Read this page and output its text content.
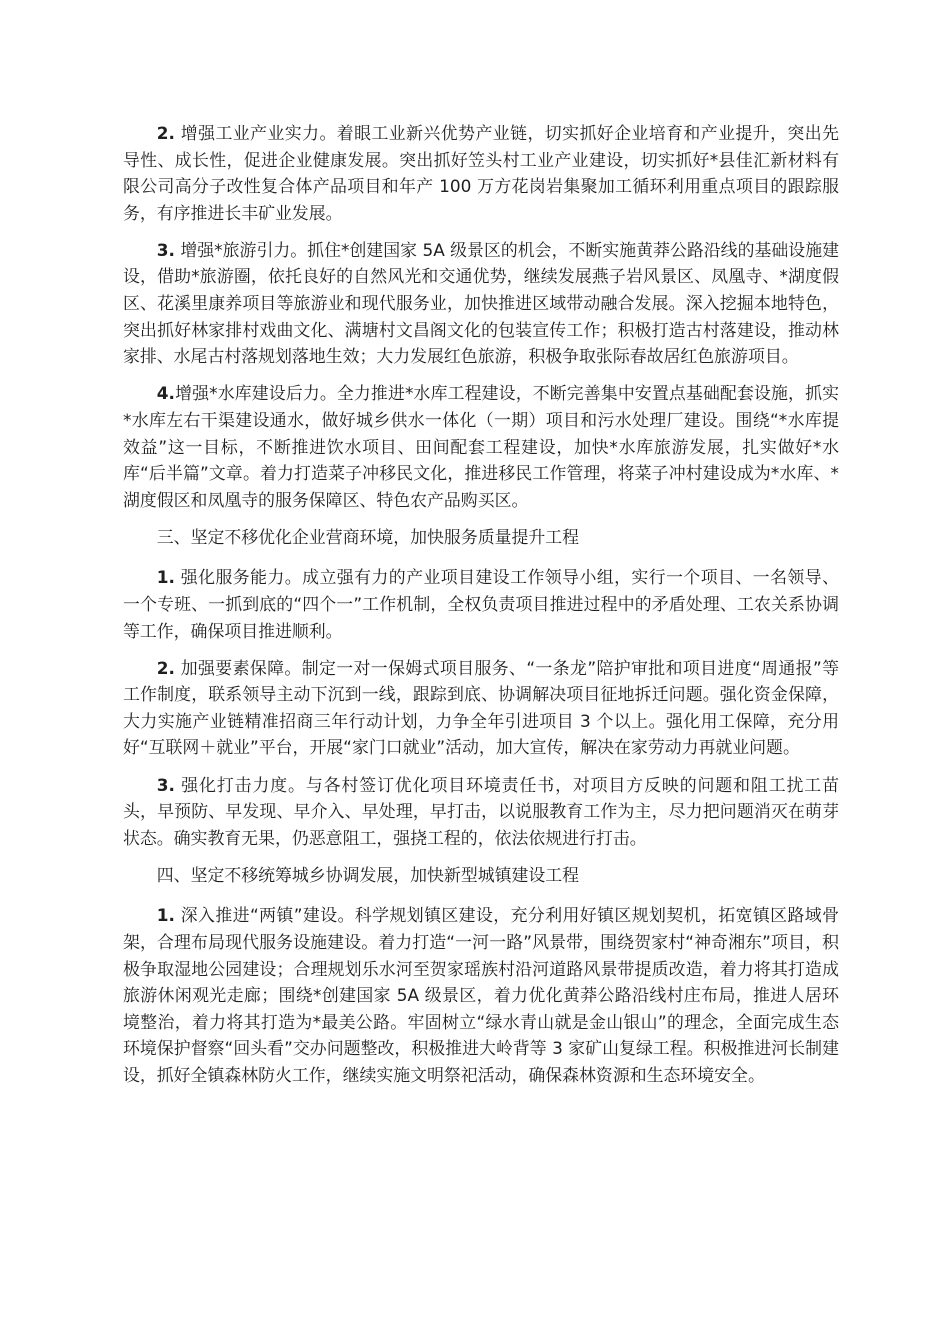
2. 增强工业产业实力。着眼工业新兴优势产业链，切实抓好企业培育和产业提升，突出先导性、成长性，促进企业健康发展。突出抓好笠头村工业产业建设，切实抓好*县佳汇新材料有限公司高分子改性复合体产品项目和年产 100 万方花岗岩集聚加工循环利用重点项目的跟踪服务，有序推进长丰矿业发展。

3. 增强*旅游引力。抓住*创建国家 5A 级景区的机会，不断实施黄莽公路沿线的基础设施建设，借助*旅游圈，依托良好的自然风光和交通优势，继续发展燕子岩风景区、凤凰寺、*湖度假区、花溪里康养项目等旅游业和现代服务业，加快推进区域带动融合发展。深入挖掘本地特色，突出抓好林家排村戏曲文化、满塘村文昌阁文化的包装宣传工作；积极打造古村落建设，推动林家排、水尾古村落规划落地生效；大力发展红色旅游，积极争取张际春故居红色旅游项目。

4.增强*水库建设后力。全力推进*水库工程建设，不断完善集中安置点基础配套设施，抓实*水库左右干渠建设通水，做好城乡供水一体化（一期）项目和污水处理厂建设。围绕“*水库提效益”这一目标，不断推进饮水项目、田间配套工程建设，加快*水库旅游发展，扎实做好*水库“后半篇”文章。着力打造菜子冲移民文化，推进移民工作管理，将菜子冲村建设成为*水库、*湖度假区和凤凰寺的服务保障区、特色农产品购买区。

三、坚定不移优化企业营商环境，加快服务质量提升工程

1. 强化服务能力。成立强有力的产业项目建设工作领导小组，实行一个项目、一名领导、一个专班、一抓到底的“四个一”工作机制，全权负责项目推进过程中的矛盾处理、工农关系协调等工作，确保项目推进顺利。

2. 加强要素保障。制定一对一保姆式项目服务、“一条龙”陪护审批和项目进度“周通报”等工作制度，联系领导主动下沉到一线，跟踪到底、协调解决项目征地拆迁问题。强化资金保障，大力实施产业链精准招商三年行动计划，力争全年引进项目 3 个以上。强化用工保障，充分用好“互联网＋就业”平台，开展“家门口就业”活动，加大宣传，解决在家劳动力再就业问题。

3. 强化打击力度。与各村签订优化项目环境责任书，对项目方反映的问题和阻工扰工苗头，早预防、早发现、早介入、早处理，早打击，以说服教育工作为主，尽力把问题消灭在萌芽状态。确实教育无果，仍恶意阻工，强挠工程的，依法依规进行打击。

四、坚定不移统筹城乡协调发展，加快新型城镇建设工程

1. 深入推进“两镇”建设。科学规划镇区建设，充分利用好镇区规划契机，拓宽镇区路域骨架，合理布局现代服务设施建设。着力打造“一河一路”风景带，围绕贺家村“神奇湘东”项目，积极争取湿地公园建设；合理规划乐水河至贺家瑶族村沿河道路风景带提质改造，着力将其打造成旅游休闲观光走廊；围绕*创建国家 5A 级景区，着力优化黄莽公路沿线村庄布局，推进人居环境整治，着力将其打造为*最美公路。牢固树立“绿水青山就是金山银山”的理念，全面完成生态环境保护督察“回头看”交办问题整改，积极推进大岭背等 3 家矿山复绿工程。积极推进河长制建设，抓好全镇森林防火工作，继续实施文明祭祀活动，确保森林资源和生态环境安全。
